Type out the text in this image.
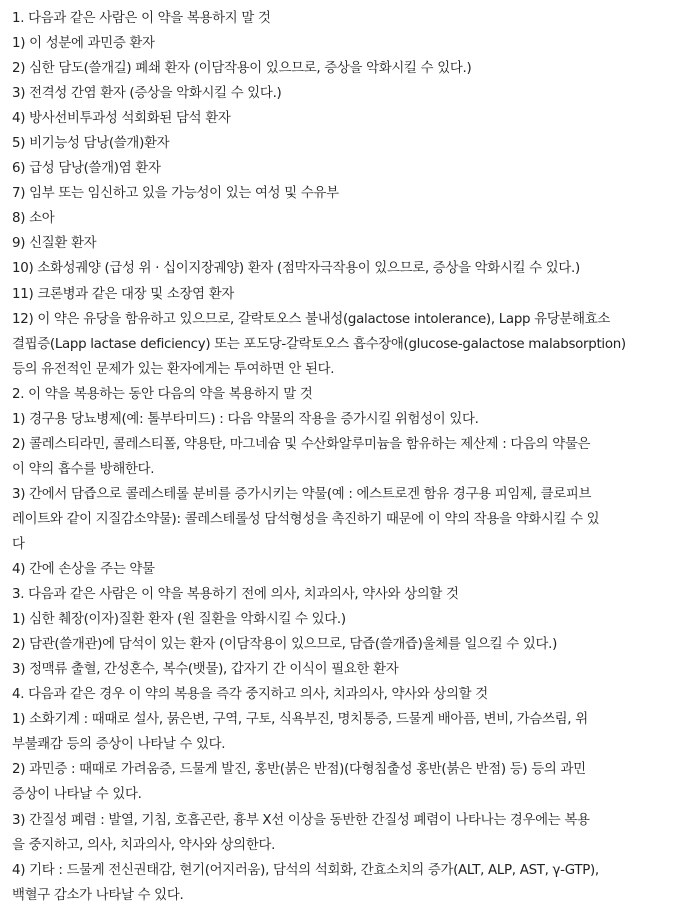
1. 다음과 같은 사람은 이 약을 복용하지 말 것
1) 이 성분에 과민증 환자
2) 심한 담도(쓸개길) 폐쇄 환자 (이담작용이 있으므로, 증상을 악화시킬 수 있다.)
3) 전격성 간염 환자 (증상을 악화시킬 수 있다.)
4) 방사선비투과성 석회화된 담석 환자
5) 비기능성 담낭(쓸개)환자
6) 급성 담낭(쓸개)염 환자
7) 임부 또는 임신하고 있을 가능성이 있는 여성 및 수유부
8) 소아
9) 신질환 환자
10) 소화성궤양 (급성 위 · 십이지장궤양) 환자 (점막자극작용이 있으므로, 증상을 악화시킬 수 있다.)
11) 크론병과 같은 대장 및 소장염 환자
12) 이 약은 유당을 함유하고 있으므로, 갈락토오스 불내성(galactose intolerance), Lapp 유당분해효소
결핍증(Lapp lactase deficiency) 또는 포도당-갈락토오스 흡수장애(glucose-galactose malabsorption)
등의 유전적인 문제가 있는 환자에게는 투여하면 안 된다.
2. 이 약을 복용하는 동안 다음의 약을 복용하지 말 것
1) 경구용 당뇨병제(예: 톨부타미드) : 다음 약물의 작용을 증가시킬 위험성이 있다.
2) 콜레스티라민, 콜레스티폴, 약용탄, 마그네슘 및 수산화알루미늄을 함유하는 제산제 : 다음의 약물은
이 약의 흡수를 방해한다.
3) 간에서 담즙으로 콜레스테롤 분비를 증가시키는 약물(예 : 에스트로겐 함유 경구용 피임제, 클로피브
레이트와 같이 지질감소약물): 콜레스테롤성 담석형성을 촉진하기 때문에 이 약의 작용을 약화시킬 수 있
다
4) 간에 손상을 주는 약물
3. 다음과 같은 사람은 이 약을 복용하기 전에 의사, 치과의사, 약사와 상의할 것
1) 심한 췌장(이자)질환 환자 (원 질환을 악화시킬 수 있다.)
2) 담관(쓸개관)에 담석이 있는 환자 (이담작용이 있으므로, 담즙(쓸개즙)울체를 일으킬 수 있다.)
3) 정맥류 출혈, 간성혼수, 복수(뱃물), 갑자기 간 이식이 필요한 환자
4. 다음과 같은 경우 이 약의 복용을 즉각 중지하고 의사, 치과의사, 약사와 상의할 것
1) 소화기계 : 때때로 설사, 묽은변, 구역, 구토, 식욕부진, 명치통증, 드물게 배아픔, 변비, 가슴쓰림, 위
부불쾌감 등의 증상이 나타날 수 있다.
2) 과민증 : 때때로 가려움증, 드물게 발진, 홍반(붉은 반점)(다형침출성 홍반(붉은 반점) 등) 등의 과민
증상이 나타날 수 있다.
3) 간질성 폐렴 : 발열, 기침, 호흡곤란, 흉부 X선 이상을 동반한 간질성 폐렴이 나타나는 경우에는 복용
을 중지하고, 의사, 치과의사, 약사와 상의한다.
4) 기타 : 드물게 전신권태감, 현기(어지러움), 담석의 석회화, 간효소치의 증가(ALT, ALP, AST, γ-GTP),
백혈구 감소가 나타날 수 있다.
